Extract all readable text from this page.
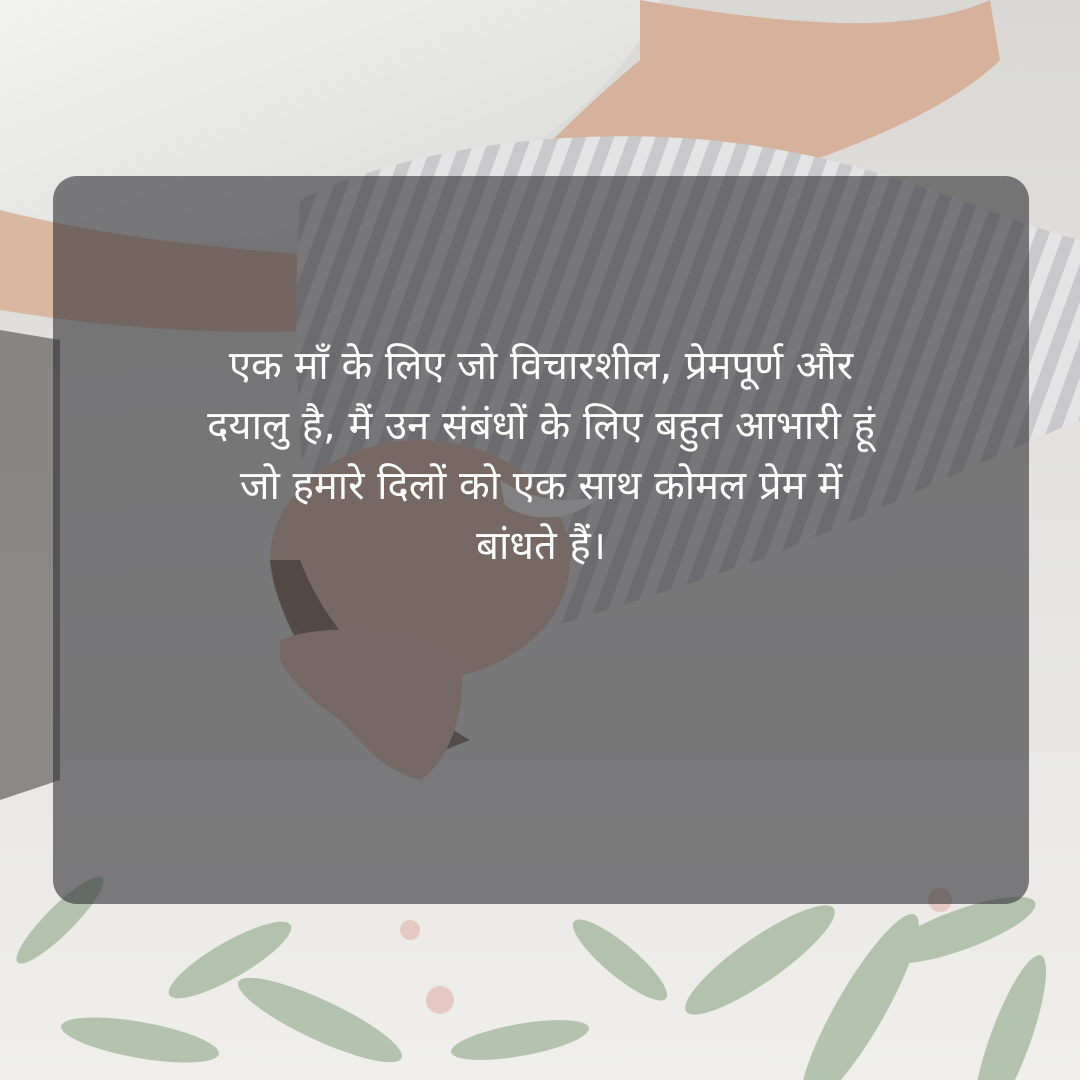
एक माँ के लिए जो विचारशील, प्रेमपूर्ण और
दयालु है, मैं उन संबंधों के लिए बहुत आभारी हूं
जो हमारे दिलों को एक साथ कोमल प्रेम में
बांधते हैं।
